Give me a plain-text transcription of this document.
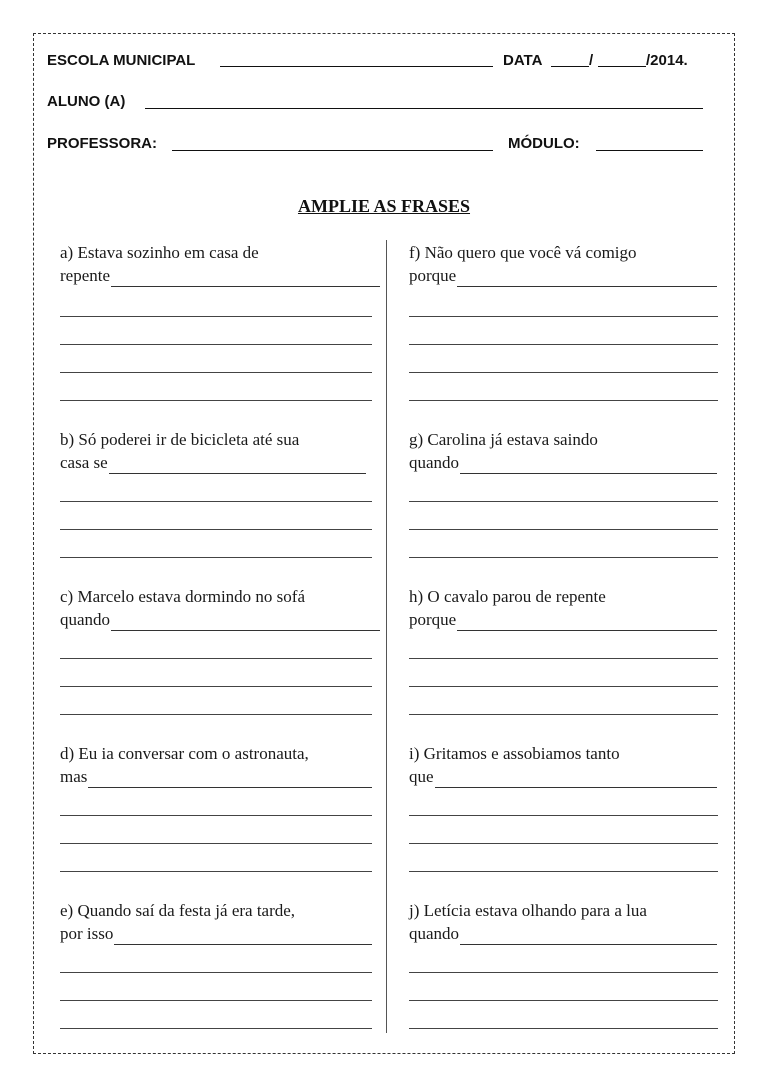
ESCOLA MUNICIPAL	DATA	/	/2014.
ALUNO (A)
PROFESSORA:	MÓDULO:
AMPLIE AS FRASES
a) Estava sozinho em casa de
repente
b) Só poderei ir de bicicleta até sua
casa se
c) Marcelo estava dormindo no sofá
quando
d) Eu ia conversar com o astronauta,
mas
e) Quando saí da festa já era tarde,
por isso
f) Não quero que você vá comigo
porque
g) Carolina já estava saindo
quando
h) O cavalo parou de repente
porque
i) Gritamos e assobiamos tanto
que
j) Letícia estava olhando para a lua
quando
